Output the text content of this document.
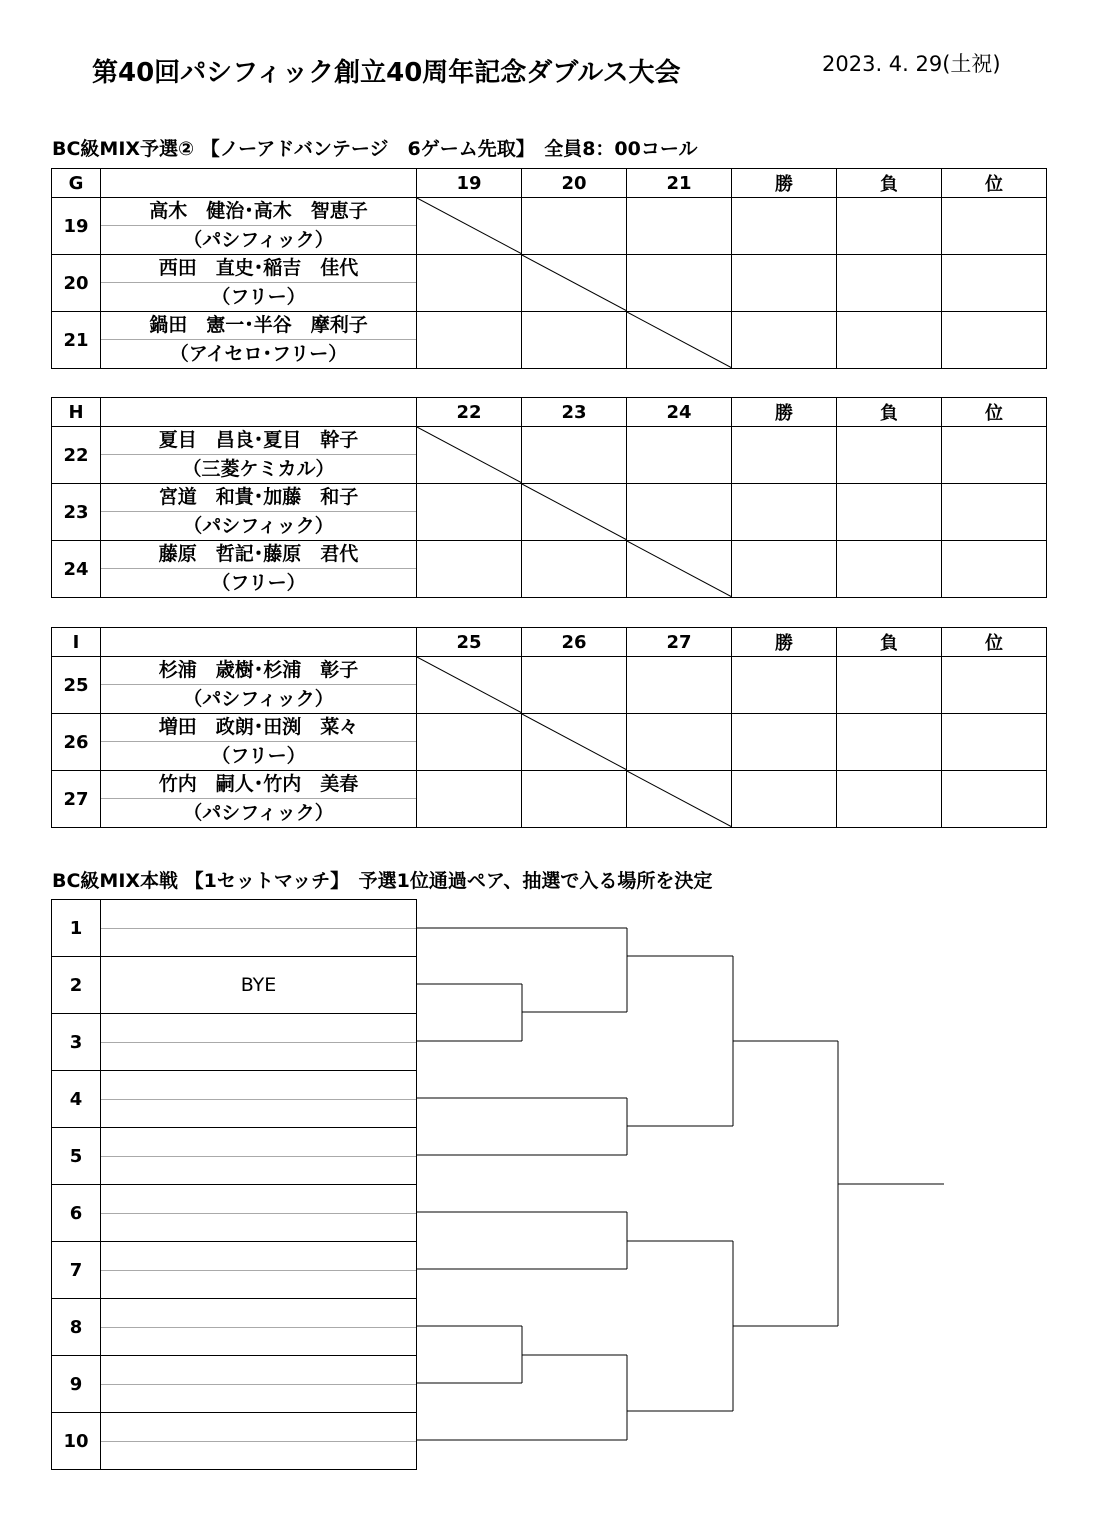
第40回パシフィック創立40周年記念ダブルス大会	2023. 4. 29(土祝)
BC級MIX予選② 【ノーアドバンテージ　6ゲーム先取】　全員8：00コール
G		19	20	21	勝	負	位
19	高木　健治･高木　智恵子
（パシフィック）

20	西田　直史･稲吉　佳代
（フリー）

21	鍋田　憲一･半谷　摩利子
（アイセロ･フリー）

H		22	23	24	勝	負	位
22	夏目　昌良･夏目　幹子
（三菱ケミカル）

23	宮道　和貴･加藤　和子
（パシフィック）

24	藤原　哲記･藤原　君代
（フリー）

I		25	26	27	勝	負	位
25	杉浦　歳樹･杉浦　彰子
（パシフィック）

26	増田　政朗･田渕　菜々
（フリー）

27	竹内　嗣人･竹内　美春
（パシフィック）

BC級MIX本戦 【1セットマッチ】　予選1位通過ペア、抽選で入る場所を決定
1	

2	BYE
3	

4	

5	

6	

7	

8	

9	

10	
